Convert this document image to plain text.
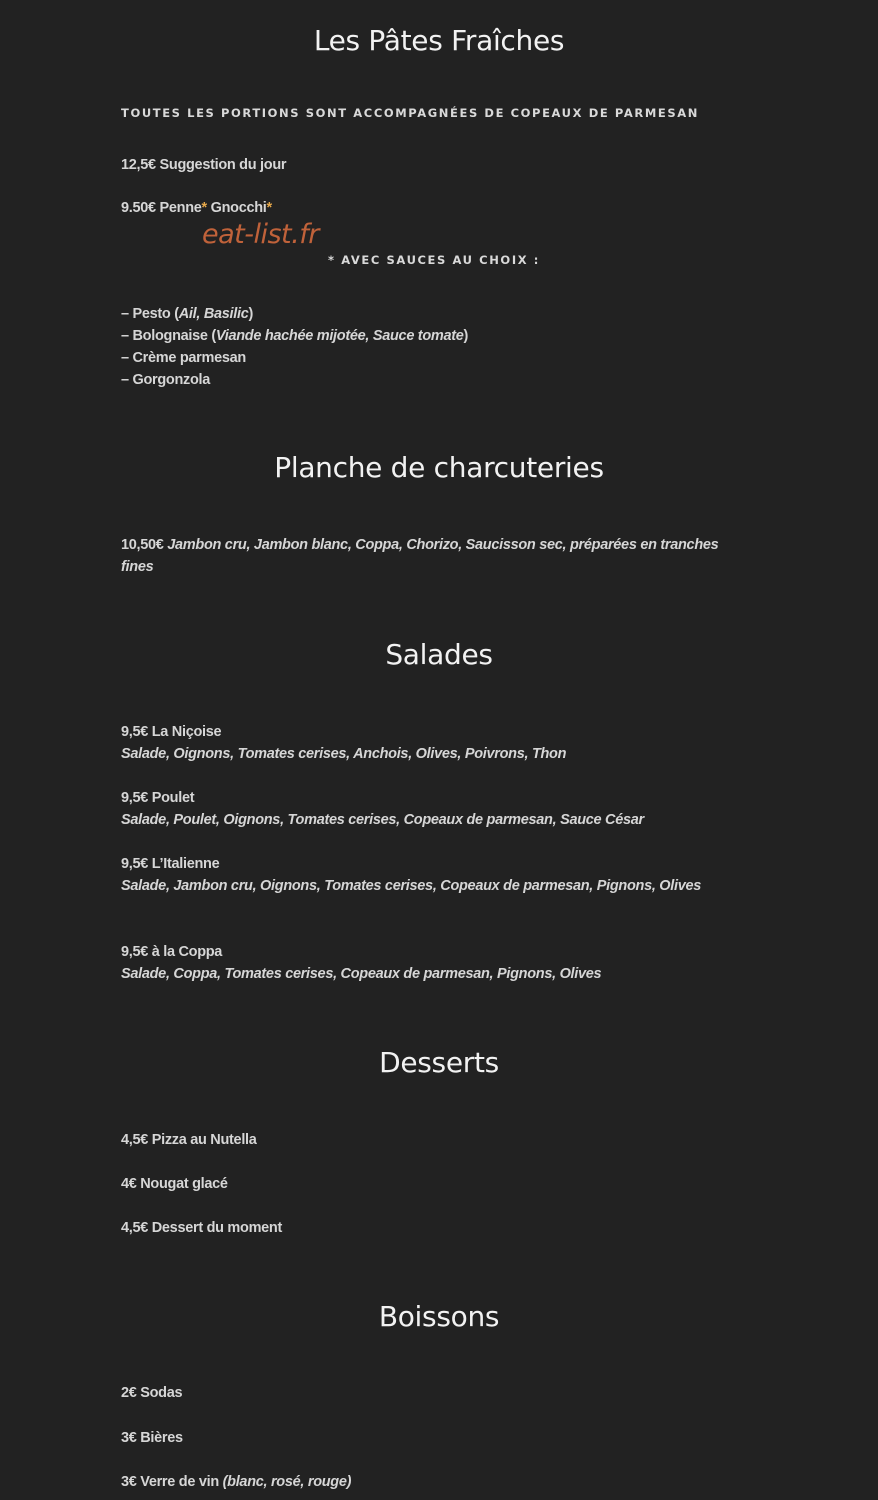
Les Pâtes Fraîches
TOUTES LES PORTIONS SONT ACCOMPAGNÉES DE COPEAUX DE PARMESAN
12,5€ Suggestion du jour
9.50€ Penne* Gnocchi*
eat-list.fr
* AVEC SAUCES AU CHOIX :
– Pesto (Ail, Basilic)
– Bolognaise (Viande hachée mijotée, Sauce tomate)
– Crème parmesan
– Gorgonzola
Planche de charcuteries
10,50€ Jambon cru, Jambon blanc, Coppa, Chorizo, Saucisson sec, préparées en tranches fines
Salades
9,5€ La Niçoise
Salade, Oignons, Tomates cerises, Anchois, Olives, Poivrons, Thon
9,5€ Poulet
Salade, Poulet, Oignons, Tomates cerises, Copeaux de parmesan, Sauce César
9,5€ L’Italienne
Salade, Jambon cru, Oignons, Tomates cerises, Copeaux de parmesan, Pignons, Olives
9,5€ à la Coppa
Salade, Coppa, Tomates cerises, Copeaux de parmesan, Pignons, Olives
Desserts
4,5€ Pizza au Nutella
4€ Nougat glacé
4,5€ Dessert du moment
Boissons
2€ Sodas
3€ Bières
3€ Verre de vin (blanc, rosé, rouge)
